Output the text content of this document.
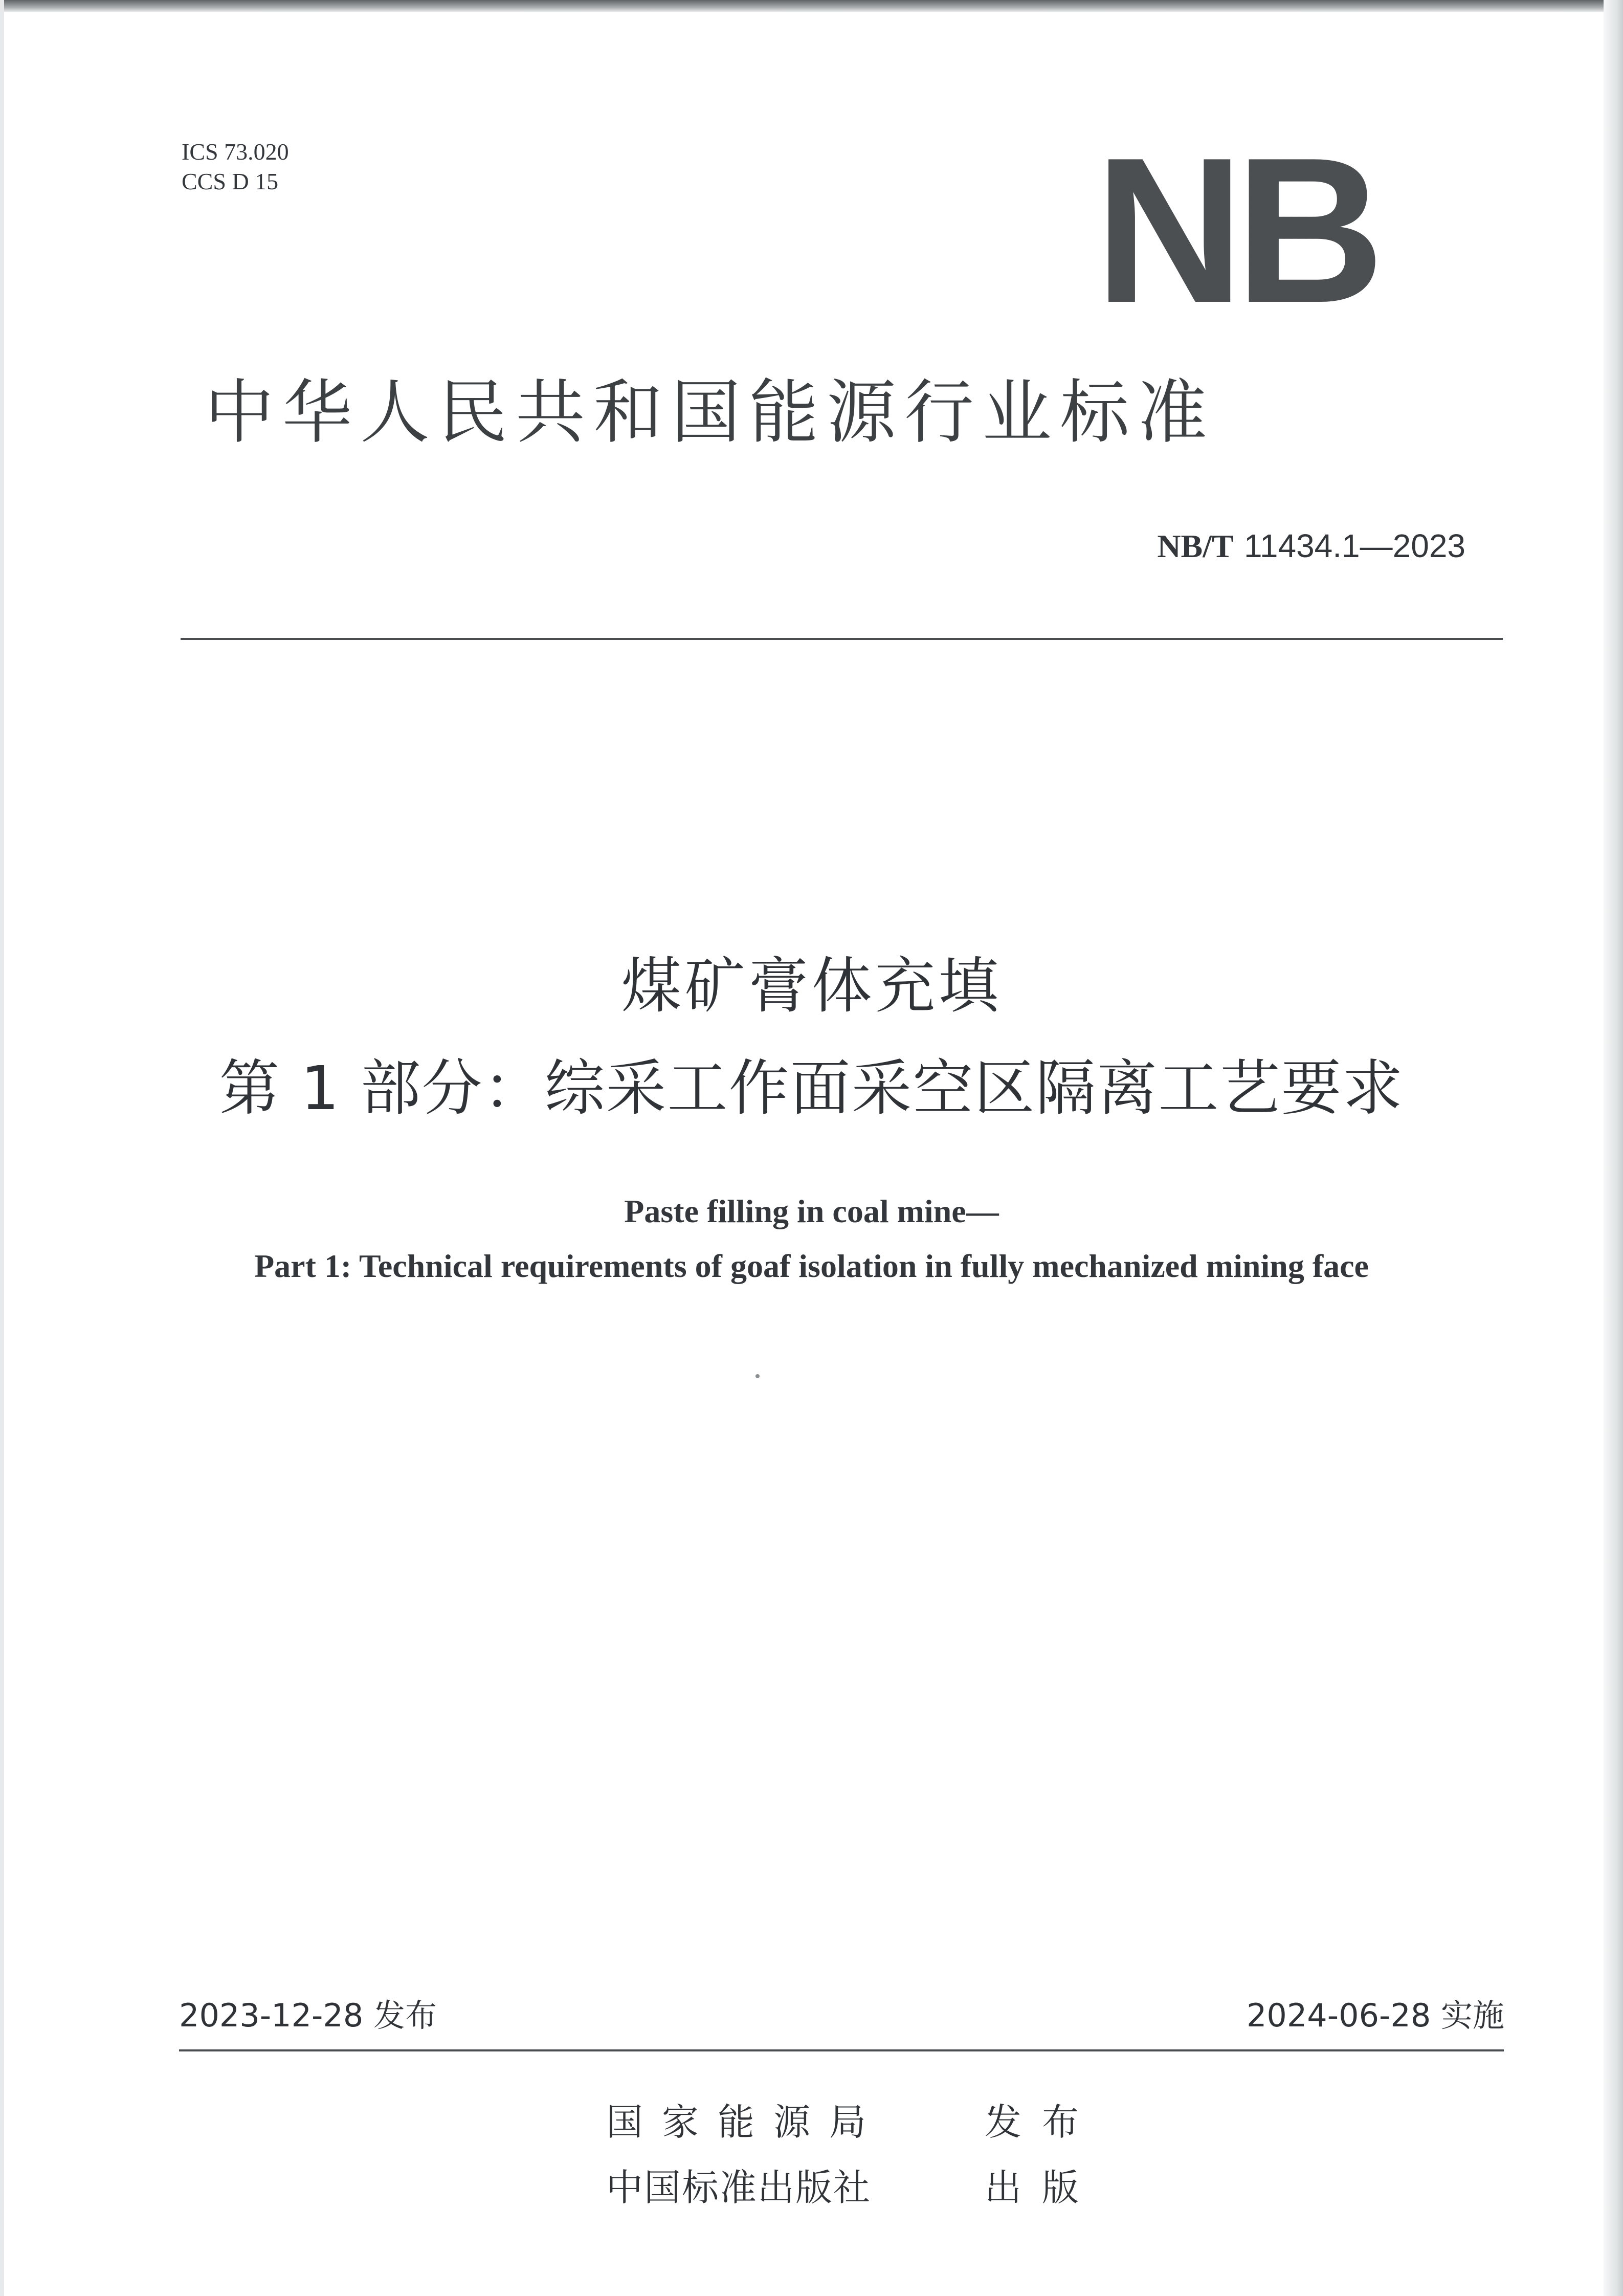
ICS 73.020
CCS D 15	NB
中华人民共和国能源行业标准
NB/T 11434.1—2023
煤矿膏体充填
第 1 部分：综采工作面采空区隔离工艺要求
Paste filling in coal mine—
Part 1: Technical requirements of goaf isolation in fully mechanized mining face
2023-12-28 发布	2024-06-28 实施
国家能源局	发布
中国标准出版社	出版
